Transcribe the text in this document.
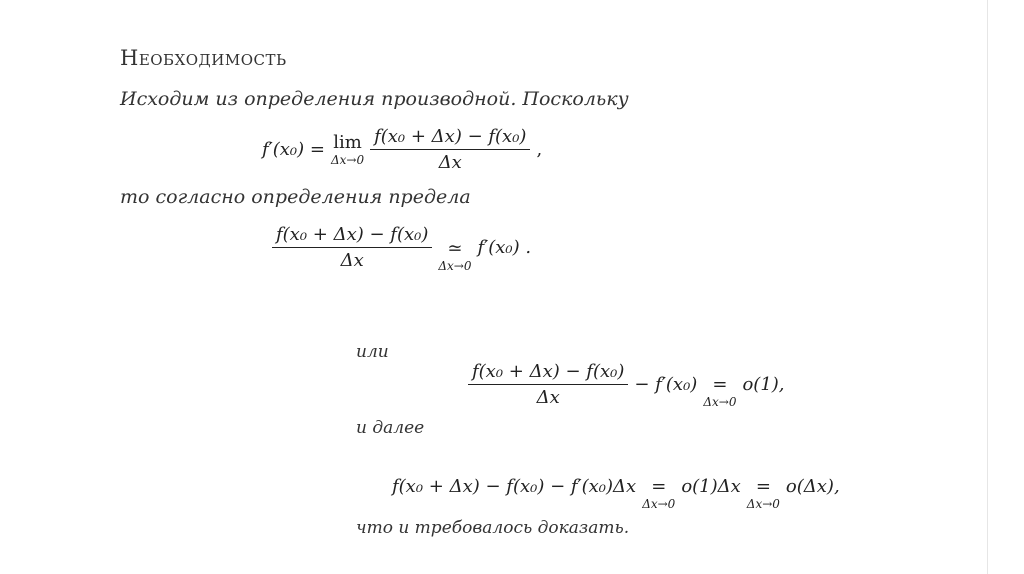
Необходимость
Исходим из определения производной. Поскольку
f′(x₀) = lim
$\Delta x\to 0 \frac{\text{f(x₀ + Δx) − f(x₀)}}{\Delta x}$ ,
то согласно определения предела
$\frac{\text{f(x₀ + Δx) − f(x₀)}}{\Delta x}$ ≃
Δx→0
f′(x₀) .
или
$\frac{\text{f(x₀ + Δx) − f(x₀)}}{\Delta x} - f'(x_0)$ =
Δx→0
o(1),
и далее
f(x₀ + Δx) − f(x₀) − f′(x₀)Δx =
Δx→0
o(1)Δx =
Δx→0
o(Δx),
что и требовалось доказать.
